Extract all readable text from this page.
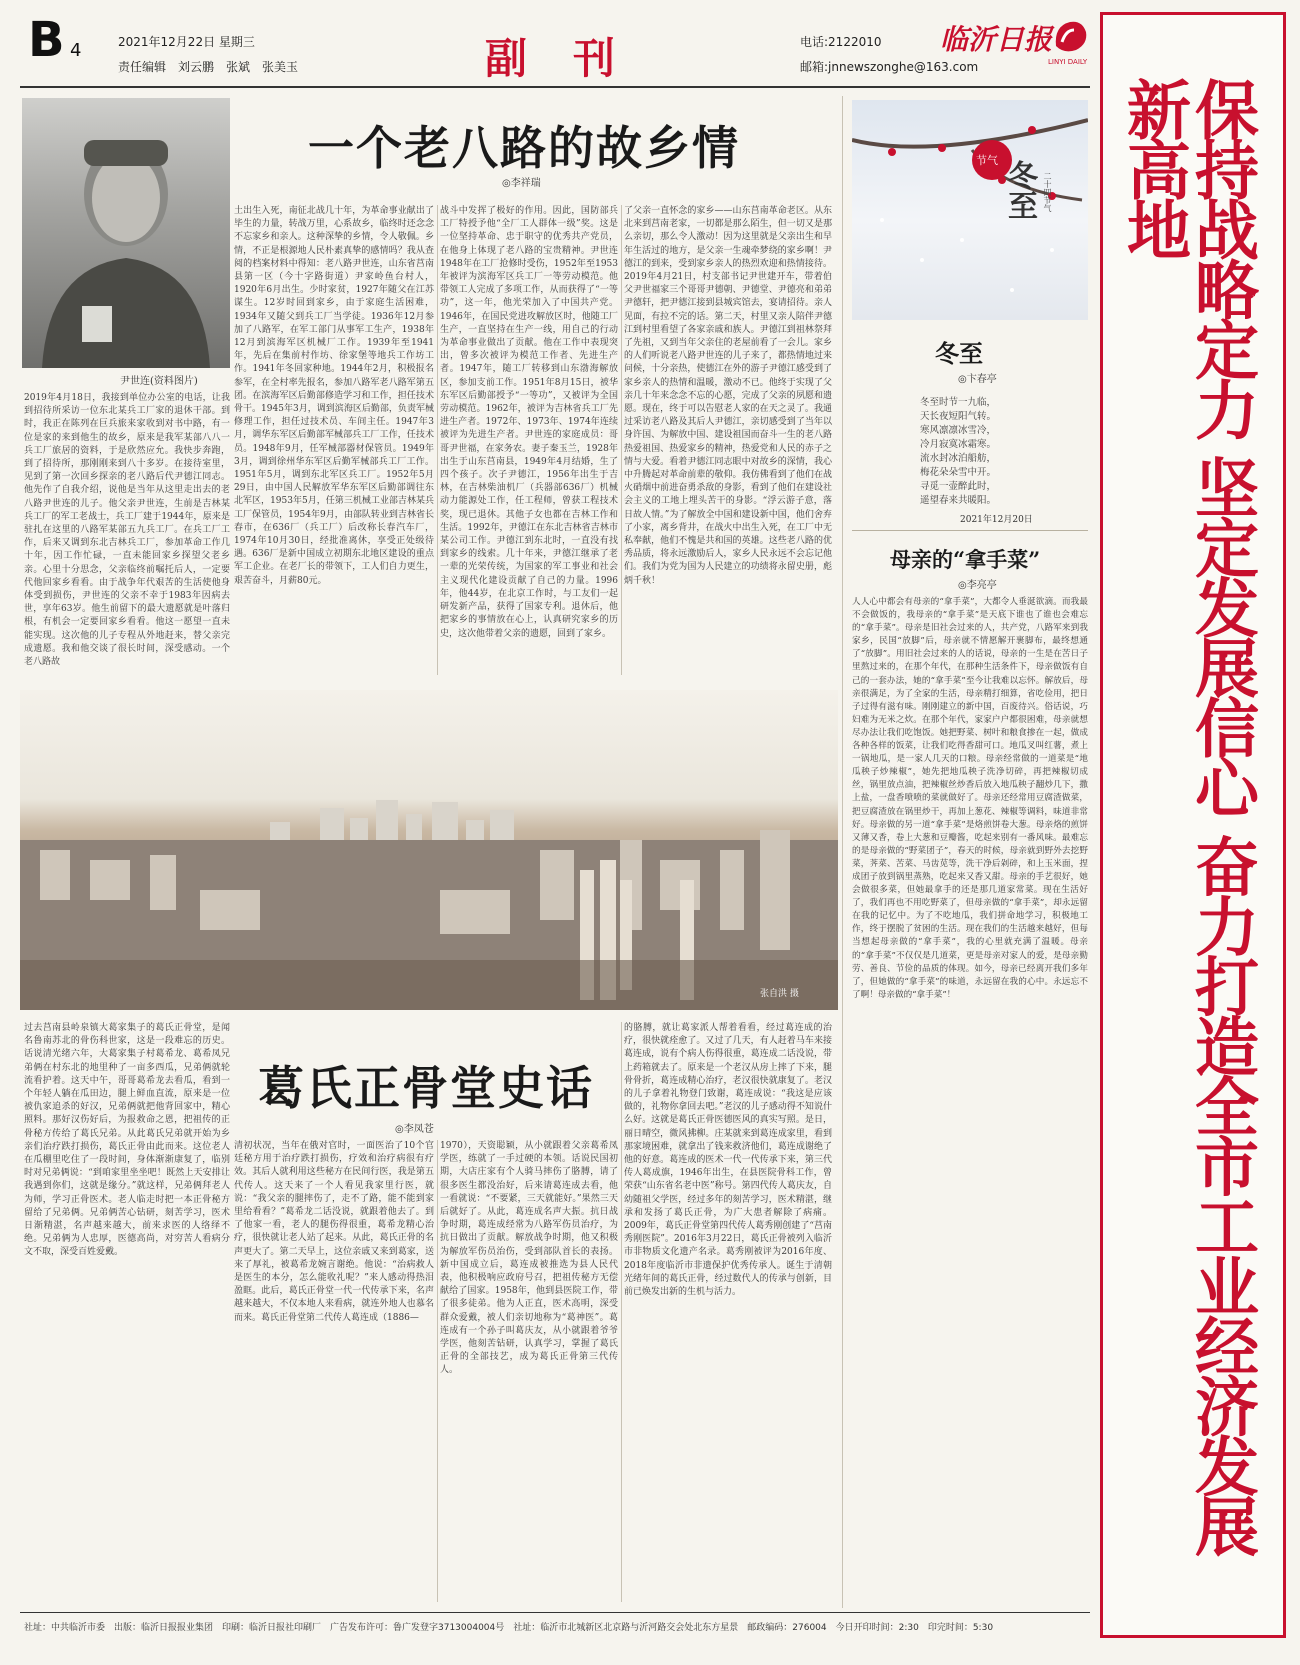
B 4	2021年12月22日 星期三
责任编辑　刘云鹏　张斌　张美玉	副　刊	电话:2122010
邮箱:jnnewszonghe@163.com
临沂日报
LINYI DAILY
保持战略定力 坚定发展信心 奋力打造全市工业经济发展新高地
尹世连(资料图片)
一个老八路的故乡情
◎李祥瑞
2019年4月18日，我接到单位办公室的电话，让我到招待所采访一位东北某兵工厂家的退休干部。到时，我正在陈列在巨兵旅来家收到对书中路，有一位是家的来到他生的故乡，原来是我军某部八八一兵工厂旅居的资料，于是欣然应允。我快步奔跑，到了招待所，那刚刚来到八十多岁。在接待室里，见到了第一次回乡探亲的老八路后代尹德江同志。他先作了自我介绍，说他是当年从这里走出去的老八路尹世连的儿子。他父亲尹世连，生前是吉林某兵工厂的军工老战士，兵工厂建于1944年，原来是驻扎在这里的八路军某部五九兵工厂。在兵工厂工作，后来又调到东北吉林兵工厂，参加革命工作几十年，因工作忙碌，一直未能回家乡探望父老乡亲。心里十分思念，父亲临终前嘱托后人，一定要代他回家乡看看。由于战争年代艰苦的生活使他身体受到损伤，尹世连的父亲不幸于1983年因病去世，享年63岁。他生前留下的最大遗愿就是叶落归根，有机会一定要回家乡看看。他这一愿望一直未能实现。这次他的儿子专程从外地赶来，替父亲完成遗愿。我和他交谈了很长时间，深受感动。一个老八路故
土出生入死，南征北战几十年，为革命事业献出了毕生的力量，转战万里，心系故乡，临终时还念念不忘家乡和亲人。这种深挚的乡情，令人敬佩。乡情，不正是根源地人民朴素真挚的感情吗？我从查阅的档案材料中得知：老八路尹世连，山东省莒南县第一区（今十字路街道）尹家岭鱼台村人，1920年6月出生。少时家贫，1927年随父在江苏谋生。12岁时回到家乡，由于家庭生活困难，1934年又随父到兵工厂当学徒。1936年12月参加了八路军，在军工部门从事军工生产，1938年12月到滨海军区机械厂工作。1939年至1941年，先后在集前村作坊、徐家堡等地兵工作坊工作。1941年冬回家种地。1944年2月，积极报名参军，在全村率先报名，参加八路军老八路军第五团。在滨海军区后勤部修造学习和工作，担任技术骨干。1945年3月，调到滨海区后勤部，负责军械修理工作，担任过技术员、车间主任。1947年3月，调华东军区后勤部军械部兵工厂工作，任技术员。1948年9月，任军械部器材保管员。1949年3月，调到徐州华东军区后勤军械部兵工厂工作。1951年5月，调到东北军区兵工厂。1952年5月29日，由中国人民解放军华东军区后勤部调往东北军区，1953年5月，任第三机械工业部吉林某兵工厂保管员，1954年9月，由部队转业到吉林省长春市，在636厂（兵工厂）后改称长春汽车厂，1974年10月30日，经批准离休，享受正处级待遇。636厂是新中国成立初期东北地区建设的重点军工企业。在老厂长的带领下，工人们自力更生，艰苦奋斗，月薪80元。
战斗中发挥了极好的作用。因此，国防部兵工厂特授予他“全厂工人群体一级”奖。这是一位坚持革命、忠于职守的优秀共产党员，在他身上体现了老八路的宝贵精神。尹世连1948年在工厂抢修时受伤，1952年至1953年被评为滨海军区兵工厂一等劳动模范。他带领工人完成了多项工作，从而获得了“一等功”，这一年，他光荣加入了中国共产党。1946年，在国民党进攻解放区时，他随工厂生产，一直坚持在生产一线，用自己的行动为革命事业做出了贡献。他在工作中表现突出，曾多次被评为模范工作者、先进生产者。1947年，随工厂转移到山东渤海解放区，参加支前工作。1951年8月15日，被华东军区后勤部授予“一等功”，又被评为全国劳动模范。1962年，被评为吉林省兵工厂先进生产者。1972年、1973年、1974年连续被评为先进生产者。尹世连的家庭成员：哥哥尹世福，在家务农。妻子秦玉兰，1928年出生于山东莒南县，1949年4月结婚，生了四个孩子。次子尹德江，1956年出生于吉林，在吉林柴油机厂（兵器部636厂）机械动力能源处工作，任工程师，曾获工程技术奖，现已退休。其他子女也都在吉林工作和生活。1992年，尹德江在东北吉林省吉林市某公司工作。尹德江到东北时，一直没有找到家乡的线索。几十年来，尹德江继承了老一辈的光荣传统，为国家的军工事业和社会主义现代化建设贡献了自己的力量。1996年，他44岁，在北京工作时，与工友们一起研发新产品，获得了国家专利。退休后，他把家乡的事情放在心上，认真研究家乡的历史，这次他带着父亲的遗愿，回到了家乡。
了父亲一直怀念的家乡——山东莒南革命老区。从东北来到莒南老家，一切都是那么陌生，但一切又是那么亲切，那么令人激动！因为这里就是父亲出生和早年生活过的地方，是父亲一生魂牵梦绕的家乡啊！尹德江的到来，受到家乡亲人的热烈欢迎和热情接待。2019年4月21日，村支部书记尹世建开车，带着伯父尹世福家三个哥哥尹德朝、尹德堂、尹德亮和弟弟尹德轩，把尹德江接到县城宾馆去，宴请招待。亲人见面，有拉不完的话。第二天，村里又亲人陪伴尹德江到村里看望了各家亲戚和族人。尹德江到祖林祭拜了先祖，又到当年父亲住的老屋前看了一会儿。家乡的人们听说老八路尹世连的儿子来了，都热情地过来问候，十分亲热，使德江在外的游子尹德江感受到了家乡亲人的热情和温暖，激动不已。他终于实现了父亲几十年来念念不忘的心愿，完成了父亲的夙愿和遗愿。现在，终于可以告慰老人家的在天之灵了。我通过采访老八路及其后人尹德江，亲切感受到了当年以身许国、为解放中国、建设祖国而奋斗一生的老八路热爱祖国、热爱家乡的精神，热爱党和人民的赤子之情与大爱。看着尹德江同志眼中对故乡的深情，我心中升腾起对革命前辈的敬仰。我仿佛看到了他们在战火硝烟中前进奋勇杀敌的身影，看到了他们在建设社会主义的工地上埋头苦干的身影。“浮云游子意，落日故人情。”为了解放全中国和建设新中国，他们舍弃了小家，离乡背井，在战火中出生入死，在工厂中无私奉献，他们不愧是共和国的英雄。这些老八路的优秀品质，将永远激励后人，家乡人民永远不会忘记他们。我们为党为国为人民建立的功绩将永留史册，彪炳千秋！
张自洪 摄
葛氏正骨堂史话
◎李凤苍
过去莒南县岭泉镇大葛家集子的葛氏正骨堂，是闻名鲁南苏北的骨伤科世家，这是一段难忘的历史。话说清光绪六年，大葛家集子村葛希龙、葛希凤兄弟俩在村东北的地里种了一亩多西瓜，兄弟俩就轮流看护着。这天中午，哥哥葛希龙去看瓜，看到一个年轻人躺在瓜田边，腿上鲜血直流，原来是一位被仇家追杀的好汉，兄弟俩就把他背回家中，精心照料。那好汉伤好后，为报救命之恩，把祖传的正骨秘方传给了葛氏兄弟。从此葛氏兄弟就开始为乡亲们治疗跌打损伤，葛氏正骨由此而来。这位老人在瓜棚里吃住了一段时间，身体渐渐康复了，临别时对兄弟俩说：“到咱家里坐坐吧！既然上天安排让我遇到你们，这就是缘分。”就这样，兄弟俩拜老人为师，学习正骨医术。老人临走时把一本正骨秘方留给了兄弟俩。兄弟俩苦心钻研，刻苦学习，医术日渐精湛，名声越来越大，前来求医的人络绎不绝。兄弟俩为人忠厚，医德高尚，对穷苦人看病分文不取，深受百姓爱戴。
清初状况，当年在俄对官时，一面医治了10个官廷秘方用于治疗跌打损伤，疗效和治疗病很有疗效。其后人就利用这些秘方在民间行医，我是第五代传人。这天来了一个人看见我家里行医，就说：“我父亲的腿摔伤了，走不了路，能不能到家里给看看？”葛希龙二话没说，就跟着他去了。到了他家一看，老人的腿伤得很重，葛希龙精心治疗，很快就让老人站了起来。从此，葛氏正骨的名声更大了。第二天早上，这位亲戚又来到葛家，送来了厚礼，被葛希龙婉言谢绝。他说：“治病救人是医生的本分，怎么能收礼呢？”来人感动得热泪盈眶。此后，葛氏正骨堂一代一代传承下来，名声越来越大，不仅本地人来看病，就连外地人也慕名而来。葛氏正骨堂第二代传人葛连成（1886—
1970），天资聪颖，从小就跟着父亲葛希凤学医，练就了一手过硬的本领。话说民国初期，大店庄家有个人骑马摔伤了胳膊，请了很多医生都没治好，后来请葛连成去看，他一看就说：“不要紧，三天就能好。”果然三天后就好了。从此，葛连成名声大振。抗日战争时期，葛连成经常为八路军伤员治疗，为抗日做出了贡献。解放战争时期，他又积极为解放军伤员治伤，受到部队首长的表扬。新中国成立后，葛连成被推选为县人民代表，他积极响应政府号召，把祖传秘方无偿献给了国家。1958年，他到县医院工作，带了很多徒弟。他为人正直，医术高明，深受群众爱戴，被人们亲切地称为“葛神医”。葛连成有一个孙子叫葛庆友，从小就跟着爷爷学医，他刻苦钻研，认真学习，掌握了葛氏正骨的全部技艺，成为葛氏正骨第三代传人。
的胳膊，就让葛家派人帮着看看，经过葛连成的治疗，很快就痊愈了。又过了几天，有人赶着马车来接葛连成，说有个病人伤得很重，葛连成二话没说，带上药箱就去了。原来是一个老汉从房上摔了下来，腿骨骨折，葛连成精心治疗，老汉很快就康复了。老汉的儿子拿着礼物登门致谢，葛连成说：“我这是应该做的，礼物你拿回去吧。”老汉的儿子感动得不知说什么好。这就是葛氏正骨医德医风的真实写照。是日，丽日晴空，微风拂柳。庄某就来到葛连成家里，看到那家境困难，就拿出了钱来救济他们，葛连成谢绝了他的好意。葛连成的医术一代一代传承下来，第三代传人葛成旗，1946年出生，在县医院骨科工作，曾荣获“山东省名老中医”称号。第四代传人葛庆友，自幼随祖父学医，经过多年的刻苦学习，医术精湛，继承和发扬了葛氏正骨，为广大患者解除了病痛。2009年，葛氏正骨堂第四代传人葛秀刚创建了“莒南秀刚医院”。2016年3月22日，葛氏正骨被列入临沂市非物质文化遗产名录。葛秀刚被评为2016年度、2018年度临沂市非遗保护优秀传承人。诞生于清朝光绪年间的葛氏正骨，经过数代人的传承与创新，目前已焕发出新的生机与活力。
节气 冬至 二十四节气
冬至
◎卞春亭
冬至时节一九临，
天长夜短阳气转。
寒风凛凛冰雪冷，
冷月寂寞冰霜寒。
流水封冰泊船舫，
梅花朵朵雪中开。
寻觅一壶醉此时，
遥望春来共暖阳。
2021年12月20日
母亲的“拿手菜”
◎李亮亭
人人心中都会有母亲的“拿手菜”，大都令人垂涎欲滴。而我最不会做饭的，我母亲的“拿手菜”是天底下谁也了谁也会难忘的“拿手菜”。母亲是旧社会过来的人，共产党，八路军来到我家乡，民国“放脚”后，母亲就不情愿解开裹脚布，最终想通了“放脚”。用旧社会过来的人的话说，母亲的一生是在苦日子里熬过来的，在那个年代，在那种生活条件下，母亲做饭有自己的一套办法，她的“拿手菜”至今让我难以忘怀。解放后，母亲很满足，为了全家的生活，母亲精打细算，省吃俭用，把日子过得有滋有味。刚刚建立的新中国，百废待兴。俗话说，巧妇难为无米之炊。在那个年代，家家户户都很困难，母亲就想尽办法让我们吃饱饭。她把野菜、树叶和粮食掺在一起，做成各种各样的饭菜，让我们吃得香甜可口。地瓜叉叫红薯，煮上一锅地瓜，是一家人几天的口粮。母亲经常做的一道菜是“地瓜秧子炒辣椒”，她先把地瓜秧子洗净切碎，再把辣椒切成丝，锅里放点油，把辣椒丝炒香后放入地瓜秧子翻炒几下，撒上盐，一盘香喷喷的菜就做好了。母亲还经常用豆腐渣做菜，把豆腐渣放在锅里炒干，再加上葱花、辣椒等调料，味道非常好。母亲做的另一道“拿手菜”是烙煎饼卷大葱。母亲烙的煎饼又薄又香，卷上大葱和豆瓣酱，吃起来别有一番风味。最难忘的是母亲做的“野菜团子”，春天的时候，母亲就到野外去挖野菜，荠菜、苦菜、马齿苋等，洗干净后剁碎，和上玉米面，捏成团子放到锅里蒸熟，吃起来又香又甜。母亲的手艺很好，她会做很多菜，但她最拿手的还是那几道家常菜。现在生活好了，我们再也不用吃野菜了，但母亲做的“拿手菜”，却永远留在我的记忆中。为了不吃地瓜，我们拼命地学习，积极地工作，终于摆脱了贫困的生活。现在我们的生活越来越好，但每当想起母亲做的“拿手菜”，我的心里就充满了温暖。母亲的“拿手菜”不仅仅是几道菜，更是母亲对家人的爱，是母亲勤劳、善良、节俭的品质的体现。如今，母亲已经离开我们多年了，但她做的“拿手菜”的味道，永远留在我的心中。永远忘不了啊！母亲做的“拿手菜”！
社址：中共临沂市委　出版：临沂日报报业集团　印刷：临沂日报社印刷厂　广告发布许可：鲁广发登字3713004004号　社址：临沂市北城新区北京路与沂河路交会处北东方星景　邮政编码：276004　今日开印时间：2:30　印完时间：5:30
